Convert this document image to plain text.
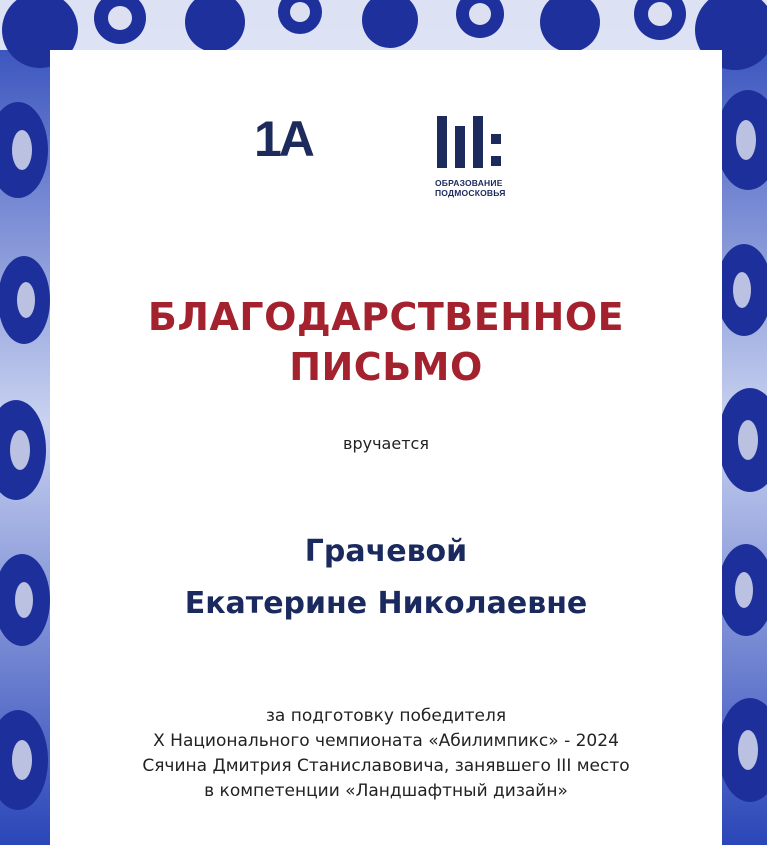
1А
ОБРАЗОВАНИЕ
ПОДМОСКОВЬЯ
БЛАГОДАРСТВЕННОЕ
ПИСЬМО
вручается
Грачевой
Екатерине Николаевне
за подготовку победителя
X Национального чемпионата «Абилимпикс» - 2024
Сячина Дмитрия Станиславовича, занявшего III место
в компетенции «Ландшафтный дизайн»
